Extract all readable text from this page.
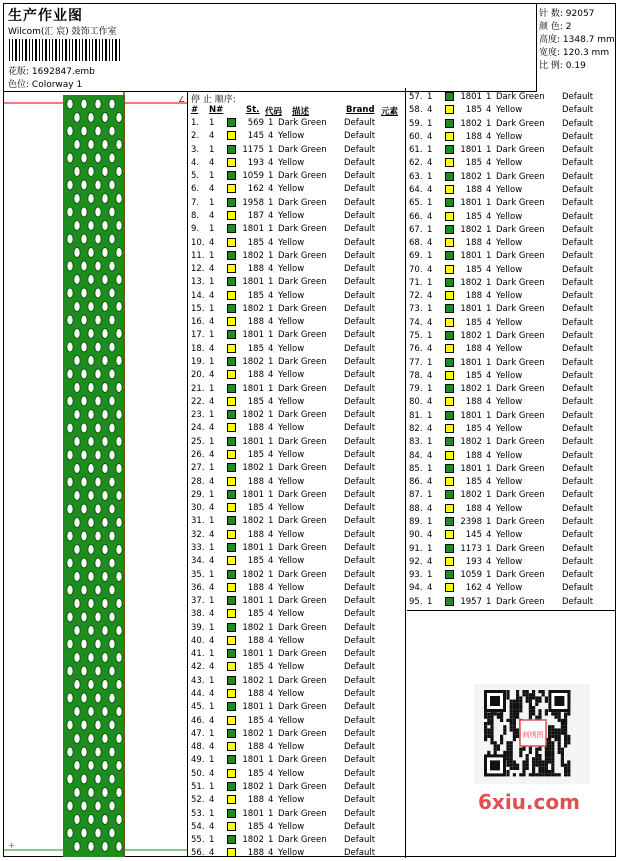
生产作业图
Wilcom(汇 宸) 鼓饰工作室
花版: 1692847.emb
色位: Colorway 1
针 数: 92057
颜 色: 2
高度: 1348.7 mm
宽度: 120.3 mm
比 例: 0.19
∠
+
停 止 顺序:
# N#	St. 代码 描述	Brand 元素
1. 1	569 1 Dark Green Default
2. 4	145 4 Yellow	Default
3. 1	1175 1 Dark Green Default
4. 4	193 4 Yellow	Default
5. 1	1059 1 Dark Green Default
6. 4	162 4 Yellow	Default
7. 1	1958 1 Dark Green Default
8. 4	187 4 Yellow	Default
9. 1	1801 1 Dark Green Default
10. 4	185 4 Yellow	Default
11. 1	1802 1 Dark Green Default
12. 4	188 4 Yellow	Default
13. 1	1801 1 Dark Green Default
14. 4	185 4 Yellow	Default
15. 1	1802 1 Dark Green Default
16. 4	188 4 Yellow	Default
17. 1	1801 1 Dark Green Default
18. 4	185 4 Yellow	Default
19. 1	1802 1 Dark Green Default
20. 4	188 4 Yellow	Default
21. 1	1801 1 Dark Green Default
22. 4	185 4 Yellow	Default
23. 1	1802 1 Dark Green Default
24. 4	188 4 Yellow	Default
25. 1	1801 1 Dark Green Default
26. 4	185 4 Yellow	Default
27. 1	1802 1 Dark Green Default
28. 4	188 4 Yellow	Default
29. 1	1801 1 Dark Green Default
30. 4	185 4 Yellow	Default
31. 1	1802 1 Dark Green Default
32. 4	188 4 Yellow	Default
33. 1	1801 1 Dark Green Default
34. 4	185 4 Yellow	Default
35. 1	1802 1 Dark Green Default
36. 4	188 4 Yellow	Default
37. 1	1801 1 Dark Green Default
38. 4	185 4 Yellow	Default
39. 1	1802 1 Dark Green Default
40. 4	188 4 Yellow	Default
41. 1	1801 1 Dark Green Default
42. 4	185 4 Yellow	Default
43. 1	1802 1 Dark Green Default
44. 4	188 4 Yellow	Default
45. 1	1801 1 Dark Green Default
46. 4	185 4 Yellow	Default
47. 1	1802 1 Dark Green Default
48. 4	188 4 Yellow	Default
49. 1	1801 1 Dark Green Default
50. 4	185 4 Yellow	Default
51. 1	1802 1 Dark Green Default
52. 4	188 4 Yellow	Default
53. 1	1801 1 Dark Green Default
54. 4	185 4 Yellow	Default
55. 1	1802 1 Dark Green Default
56. 4	188 4 Yellow	Default
57. 1	1801 1 Dark Green Default
58. 4	185 4 Yellow	Default
59. 1	1802 1 Dark Green Default
60. 4	188 4 Yellow	Default
61. 1	1801 1 Dark Green Default
62. 4	185 4 Yellow	Default
63. 1	1802 1 Dark Green Default
64. 4	188 4 Yellow	Default
65. 1	1801 1 Dark Green Default
66. 4	185 4 Yellow	Default
67. 1	1802 1 Dark Green Default
68. 4	188 4 Yellow	Default
69. 1	1801 1 Dark Green Default
70. 4	185 4 Yellow	Default
71. 1	1802 1 Dark Green Default
72. 4	188 4 Yellow	Default
73. 1	1801 1 Dark Green Default
74. 4	185 4 Yellow	Default
75. 1	1802 1 Dark Green Default
76. 4	188 4 Yellow	Default
77. 1	1801 1 Dark Green Default
78. 4	185 4 Yellow	Default
79. 1	1802 1 Dark Green Default
80. 4	188 4 Yellow	Default
81. 1	1801 1 Dark Green Default
82. 4	185 4 Yellow	Default
83. 1	1802 1 Dark Green Default
84. 4	188 4 Yellow	Default
85. 1	1801 1 Dark Green Default
86. 4	185 4 Yellow	Default
87. 1	1802 1 Dark Green Default
88. 4	188 4 Yellow	Default
89. 1	2398 1 Dark Green Default
90. 4	145 4 Yellow	Default
91. 1	1173 1 Dark Green Default
92. 4	193 4 Yellow	Default
93. 1	1059 1 Dark Green Default
94. 4	162 4 Yellow	Default
95. 1	1957 1 Dark Green Default
刺绣图
6xiu.com
